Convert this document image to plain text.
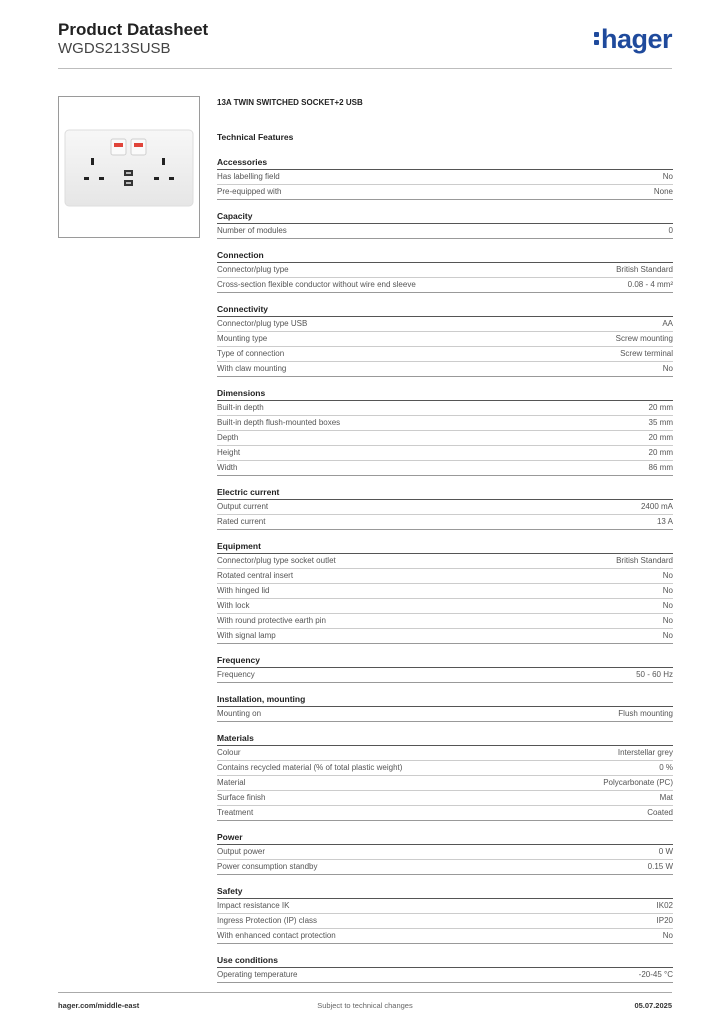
Product Datasheet
WGDS213SUSB	hager
13A TWIN SWITCHED SOCKET+2 USB
Technical Features
Accessories
Has labelling field	No
Pre-equipped with	None
Capacity
Number of modules	0
Connection
Connector/plug type	British Standard
Cross-section flexible conductor without wire end sleeve	0.08 - 4 mm²
Connectivity
Connector/plug type USB	AA
Mounting type	Screw mounting
Type of connection	Screw terminal
With claw mounting	No
Dimensions
Built-in depth	20 mm
Built-in depth flush-mounted boxes	35 mm
Depth	20 mm
Height	20 mm
Width	86 mm
Electric current
Output current	2400 mA
Rated current	13 A
Equipment
Connector/plug type socket outlet	British Standard
Rotated central insert	No
With hinged lid	No
With lock	No
With round protective earth pin	No
With signal lamp	No
Frequency
Frequency	50 - 60 Hz
Installation, mounting
Mounting on	Flush mounting
Materials
Colour	Interstellar grey
Contains recycled material (% of total plastic weight)	0 %
Material	Polycarbonate (PC)
Surface finish	Mat
Treatment	Coated
Power
Output power	0 W
Power consumption standby	0.15 W
Safety
Impact resistance IK	IK02
Ingress Protection (IP) class	IP20
With enhanced contact protection	No
Use conditions
Operating temperature	-20-45 °C
hager.com/middle-east	Subject to technical changes	05.07.2025
